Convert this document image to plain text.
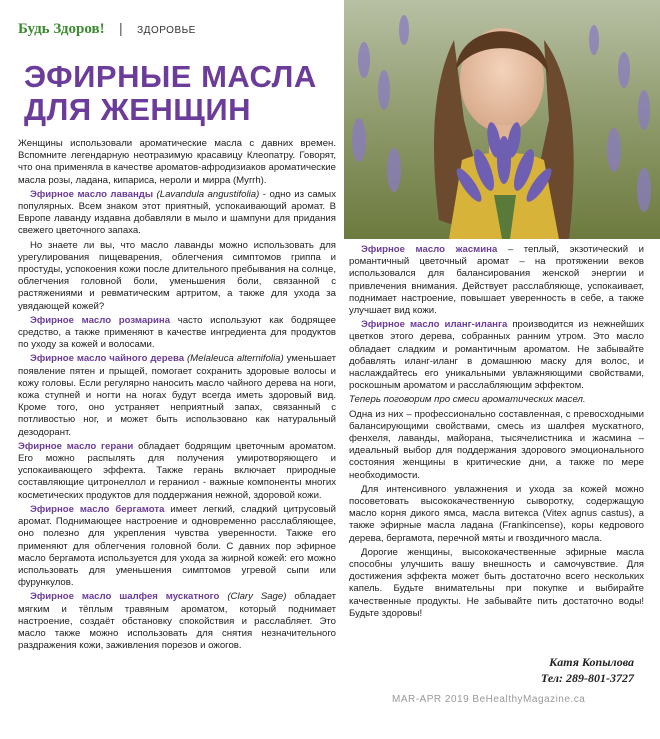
Будь Здоров! | ЗДОРОВЬЕ
ЭФИРНЫЕ МАСЛА
ДЛЯ ЖЕНЩИН

Женщины использовали ароматические масла с давних времен. Вспомните легендарную неотразимую красавицу Клеопатру. Говорят, что она применяла в качестве ароматов-афродизиаков ароматические масла розы, ладана, кипариса, нероли и мирра (Myrrh).

Эфирное масло лаванды (Lavandula angustifolia) - одно из самых популярных. Всем знаком этот приятный, успокаивающий аромат. В Европе лаванду издавна добавляли в мыло и шампуни для придания свежего цветочного запаха.

Но знаете ли вы, что масло лаванды можно использовать для урегулирования пищеварения, облегчения симптомов гриппа и простуды, успокоения кожи после длительного пребывания на солнце, облегчения головной боли, уменьшения боли, связанной с растяжениями и ревматическим артритом, а также для ухода за увядающей кожей?

Эфирное масло розмарина часто используют как бодрящее средство, а также применяют в качестве ингредиента для продуктов по уходу за кожей и волосами.

Эфирное масло чайного дерева (Melaleuca alternifolia) уменьшает появление пятен и прыщей, помогает сохранить здоровые волосы и кожу головы. Если регулярно наносить масло чайного дерева на ноги, кожа ступней и ногти на ногах будут всегда иметь здоровый вид. Кроме того, оно устраняет неприятный запах, связанный с потливостью ног, и может быть использовано как натуральный дезодорант.

Эфирное масло герани обладает бодрящим цветочным ароматом. Его можно распылять для получения умиротворяющего и успокаивающего эффекта. Также герань включает природные составляющие цитронеллол и гераниол - важные компоненты многих косметических продуктов для поддержания нежной, здоровой кожи.

Эфирное масло бергамота имеет легкий, сладкий цитрусовый аромат. Поднимающее настроение и одновременно расслабляющее, оно полезно для укрепления чувства уверенности. Также его применяют для облегчения головной боли. С давних пор эфирное масло бергамота используется для ухода за жирной кожей: его можно использовать для уменьшения симптомов угревой сыпи или фурункулов.

Эфирное масло шалфея мускатного (Clary Sage) обладает мягким и тёплым травяным ароматом, который поднимает настроение, создаёт обстановку спокойствия и расслабляет. Это масло также можно использовать для снятия незначительного раздражения кожи, заживления порезов и ожогов.

Эфирное масло жасмина – теплый, экзотический и романтичный цветочный аромат – на протяжении веков использовался для балансирования женской энергии и привлечения внимания. Действует расслабляюще, успокаивает, поднимает настроение, повышает уверенность в себе, а также улучшает вид кожи.

Эфирное масло иланг-иланга производится из нежнейших цветков этого дерева, собранных ранним утром. Это масло обладает сладким и романтичным ароматом. Не забывайте добавлять иланг-иланг в домашнюю маску для волос, и наслаждайтесь его уникальными увлажняющими свойствами, роскошным ароматом и расслабляющим эффектом.

Теперь поговорим про смеси ароматических масел.

Одна из них – профессионально составленная, с превосходными балансирующими свойствами, смесь из шалфея мускатного, фенхеля, лаванды, майорана, тысячелистника и жасмина – идеальный выбор для поддержания здорового эмоционального состояния женщины в критические дни, а также по мере необходимости.

Для интенсивного увлажнения и ухода за кожей можно посоветовать высококачественную сыворотку, содержащую масло корня дикого ямса, масла витекса (Vitex agnus castus), а также эфирные масла ладана (Frankincense), коры кедрового дерева, бергамота, перечной мяты и гвоздичного масла.

Дорогие женщины, высококачественные эфирные масла способны улучшить вашу внешность и самочувствие. Для достижения эффекта может быть достаточно всего нескольких капель. Будьте внимательны при покупке и выбирайте качественные продукты. Не забывайте пить достаточно воды! Будьте здоровы!

Катя Копылова
Тел: 289-801-3727
MAR-APR 2019 BeHealthyMagazine.ca
